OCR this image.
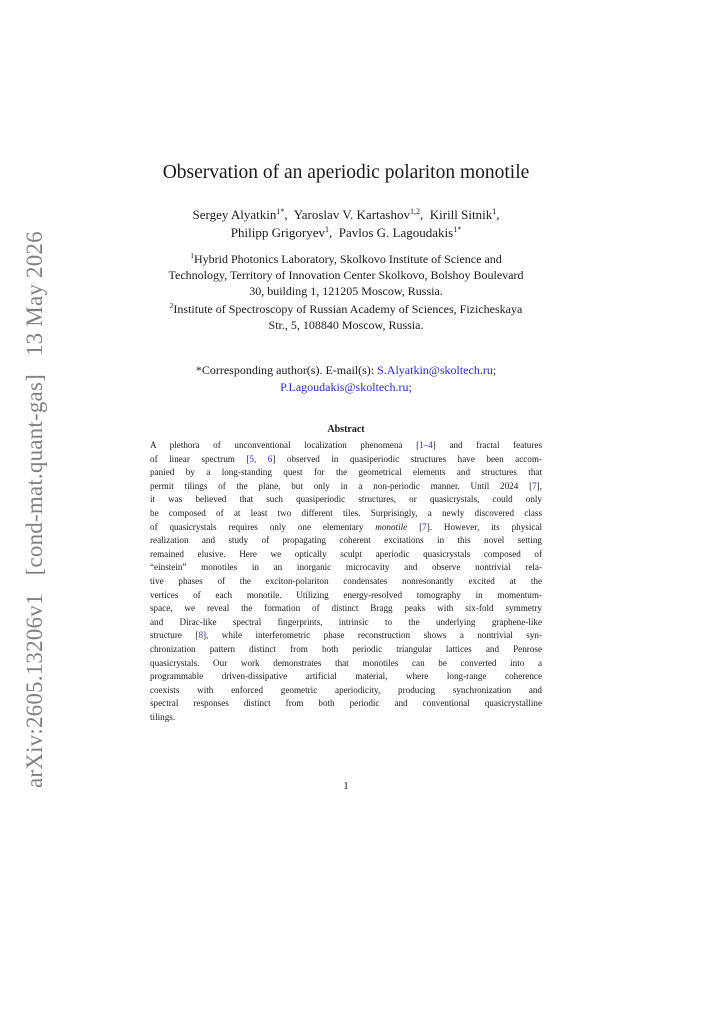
arXiv:2605.13206v1[cond-mat.quant-gas]13 May 2026
Observation of an aperiodic polariton monotile
Sergey Alyatkin$^{1*}$, Yaroslav V. Kartashov$^{1,2}$, Kirill Sitnik$^1$,
Philipp Grigoryev$^1$, Pavlos G. Lagoudakis$^{1*}$
$^1$Hybrid Photonics Laboratory, Skolkovo Institute of Science and
Technology, Territory of Innovation Center Skolkovo, Bolshoy Boulevard
30, building 1, 121205 Moscow, Russia.
$^2$Institute of Spectroscopy of Russian Academy of Sciences, Fizicheskaya
Str., 5, 108840 Moscow, Russia.
*Corresponding author(s). E-mail(s): S.Alyatkin@skoltech.ru;
P.Lagoudakis@skoltech.ru;
Abstract
A plethora of unconventional localization phenomena [1–4] and fractal features
of linear spectrum [5, 6] observed in quasiperiodic structures have been accom-
panied by a long-standing quest for the geometrical elements and structures that
permit tilings of the plane, but only in a non-periodic manner. Until 2024 [7],
it was believed that such quasiperiodic structures, or quasicrystals, could only
be composed of at least two different tiles. Surprisingly, a newly discovered class
of quasicrystals requires only one elementary monotile [7]. However, its physical
realization and study of propagating coherent excitations in this novel setting
remained elusive. Here we optically sculpt aperiodic quasicrystals composed of
“einstein” monotiles in an inorganic microcavity and observe nontrivial rela-
tive phases of the exciton-polariton condensates nonresonantly excited at the
vertices of each monotile. Utilizing energy-resolved tomography in momentum-
space, we reveal the formation of distinct Bragg peaks with six-fold symmetry
and Dirac-like spectral fingerprints, intrinsic to the underlying graphene-like
structure [8], while interferometric phase reconstruction shows a nontrivial syn-
chronization pattern distinct from both periodic triangular lattices and Penrose
quasicrystals. Our work demonstrates that monotiles can be converted into a
programmable driven-dissipative artificial material, where long-range coherence
coexists with enforced geometric aperiodicity, producing synchronization and
spectral responses distinct from both periodic and conventional quasicrystalline
tilings.
1
